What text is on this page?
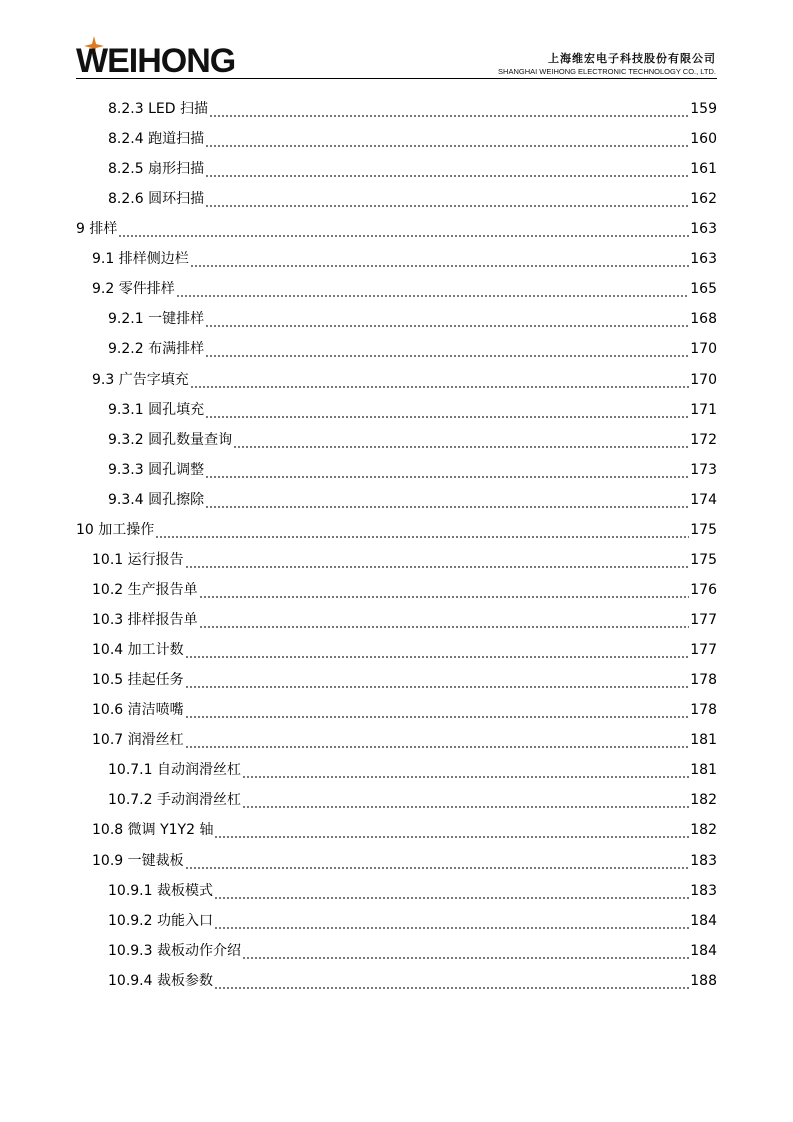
WEIHONG	上海维宏电子科技股份有限公司
SHANGHAI WEIHONG ELECTRONIC TECHNOLOGY CO., LTD.
8.2.3 LED 扫描	159
8.2.4 跑道扫描	160
8.2.5 扇形扫描	161
8.2.6 圆环扫描	162
9 排样	163
9.1 排样侧边栏	163
9.2 零件排样	165
9.2.1 一键排样	168
9.2.2 布满排样	170
9.3 广告字填充	170
9.3.1 圆孔填充	171
9.3.2 圆孔数量查询	172
9.3.3 圆孔调整	173
9.3.4 圆孔擦除	174
10 加工操作	175
10.1 运行报告	175
10.2 生产报告单	176
10.3 排样报告单	177
10.4 加工计数	177
10.5 挂起任务	178
10.6 清洁喷嘴	178
10.7 润滑丝杠	181
10.7.1 自动润滑丝杠	181
10.7.2 手动润滑丝杠	182
10.8 微调 Y1Y2 轴	182
10.9 一键裁板	183
10.9.1 裁板模式	183
10.9.2 功能入口	184
10.9.3 裁板动作介绍	184
10.9.4 裁板参数	188
